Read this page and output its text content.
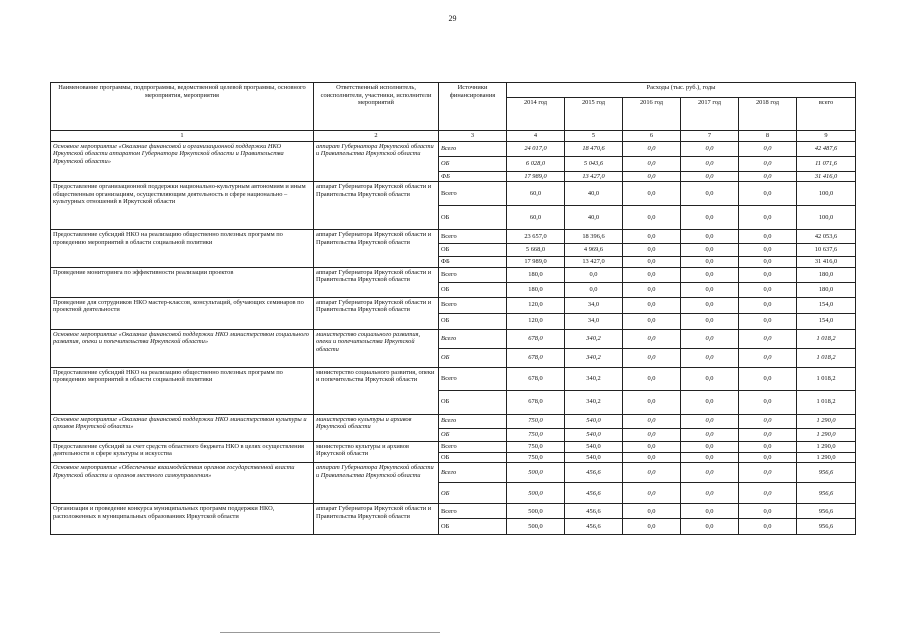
29
Наименование программы, подпрограммы, ведомственной целевой программы, основного мероприятия, мероприятия	Ответственный исполнитель, соисполнители, участники, исполнители мероприятий	Источники финансирования	Расходы (тыс. руб.), годы					
			2014 год	2015 год	2016 год	2017 год	2018 год	всего
1	2	3	4	5	6	7	8	9
Основное мероприятие «Оказание финансовой и организационной поддержки НКО Иркутской области аппаратом Губернатора Иркутской области и Правительства Иркутской области»	аппарат Губернатора Иркутской области и Правительства Иркутской области	Всего	24 017,0	18 470,6	0,0	0,0	0,0	42 487,6
		ОБ	6 028,0	5 043,6	0,0	0,0	0,0	11 071,6
		ФБ	17 989,0	13 427,0	0,0	0,0	0,0	31 416,0
Предоставление организационной поддержки национально-культурным автономиям и иным общественным организациям, осуществляющим деятельность в сфере национально – культурных отношений в Иркутской области	аппарат Губернатора Иркутской области и Правительства Иркутской области	Всего	60,0	40,0	0,0	0,0	0,0	100,0
		ОБ	60,0	40,0	0,0	0,0	0,0	100,0
Предоставление субсидий НКО на реализацию общественно полезных программ по проведению мероприятий в области социальной политики	аппарат Губернатора Иркутской области и Правительства Иркутской области	Всего	23 657,0	18 396,6	0,0	0,0	0,0	42 053,6
		ОБ	5 668,0	4 969,6	0,0	0,0	0,0	10 637,6
		ФБ	17 989,0	13 427,0	0,0	0,0	0,0	31 416,0
Проведение мониторинга по эффективности реализации проектов	аппарат Губернатора Иркутской области и Правительства Иркутской области	Всего	180,0	0,0	0,0	0,0	0,0	180,0
		ОБ	180,0	0,0	0,0	0,0	0,0	180,0
Проведение для сотрудников НКО мастер-классов, консультаций, обучающих семинаров по проектной деятельности	аппарат Губернатора Иркутской области и Правительства Иркутской области	Всего	120,0	34,0	0,0	0,0	0,0	154,0
		ОБ	120,0	34,0	0,0	0,0	0,0	154,0
Основное мероприятие «Оказание финансовой поддержки НКО министерством социального развития, опеки и попечительства Иркутской области»	министерство социального развития, опеки и попечительства Иркутской области	Всего	678,0	340,2	0,0	0,0	0,0	1 018,2
		ОБ	678,0	340,2	0,0	0,0	0,0	1 018,2
Предоставление субсидий НКО на реализацию общественно полезных программ по проведению мероприятий в области социальной политики	министерство социального развития, опеки и попечительства Иркутской области	Всего	678,0	340,2	0,0	0,0	0,0	1 018,2
		ОБ	678,0	340,2	0,0	0,0	0,0	1 018,2
Основное мероприятие «Оказание финансовой поддержки НКО министерством культуры и архивов Иркутской области»	министерство культуры и архивов Иркутской области	Всего	750,0	540,0	0,0	0,0	0,0	1 290,0
		ОБ	750,0	540,0	0,0	0,0	0,0	1 290,0
Предоставление субсидий за счет средств областного бюджета НКО в целях осуществления деятельности в сфере культуры и искусства	министерство культуры и архивов Иркутской области	Всего	750,0	540,0	0,0	0,0	0,0	1 290,0
		ОБ	750,0	540,0	0,0	0,0	0,0	1 290,0
Основное мероприятие «Обеспечение взаимодействия органов государственной власти Иркутской области и органов местного самоуправления»	аппарат Губернатора Иркутской области и Правительства Иркутской области	Всего	500,0	456,6	0,0	0,0	0,0	956,6
		ОБ	500,0	456,6	0,0	0,0	0,0	956,6
Организация и проведение конкурса муниципальных программ поддержки НКО, расположенных в муниципальных образованиях Иркутской области	аппарат Губернатора Иркутской области и Правительства Иркутской области	Всего	500,0	456,6	0,0	0,0	0,0	956,6
		ОБ	500,0	456,6	0,0	0,0	0,0	956,6
